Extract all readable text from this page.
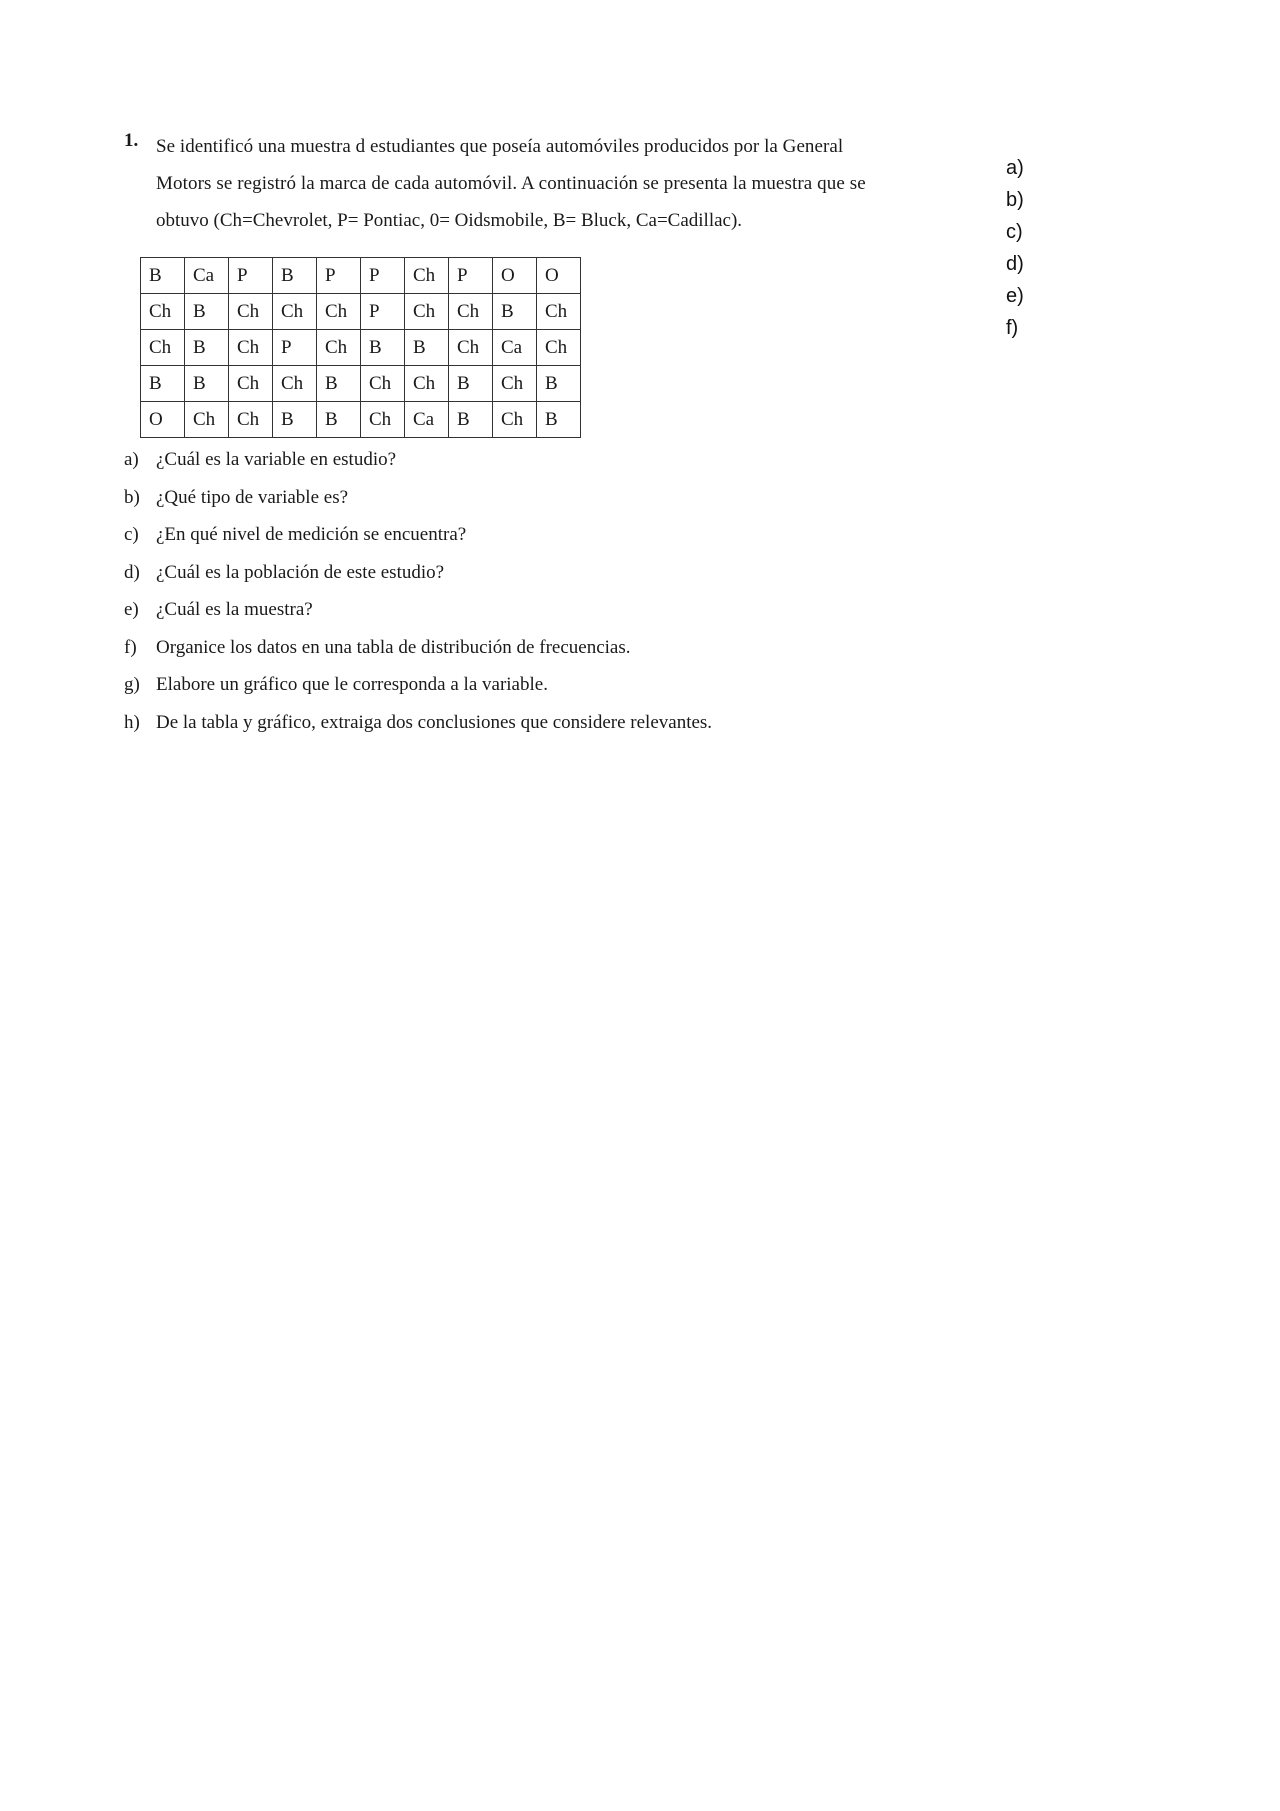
1. Se identificó una muestra d estudiantes que poseía automóviles producidos por la General
Motors se registró la marca de cada automóvil. A continuación se presenta la muestra que se
obtuvo (Ch=Chevrolet, P= Pontiac, 0= Oidsmobile, B= Bluck, Ca=Cadillac).
B	Ca	P	B	P	P	Ch	P	O	O
Ch	B	Ch	Ch	Ch	P	Ch	Ch	B	Ch
Ch	B	Ch	P	Ch	B	B	Ch	Ca	Ch
B	B	Ch	Ch	B	Ch	Ch	B	Ch	B
O	Ch	Ch	B	B	Ch	Ca	B	Ch	B
a) ¿Cuál es la variable en estudio?
b) ¿Qué tipo de variable es?
c) ¿En qué nivel de medición se encuentra?
d) ¿Cuál es la población de este estudio?
e) ¿Cuál es la muestra?
f) Organice los datos en una tabla de distribución de frecuencias.
g) Elabore un gráfico que le corresponda a la variable.
h) De la tabla y gráfico, extraiga dos conclusiones que considere relevantes.
a)
b)
c)
d)
e)
f)
